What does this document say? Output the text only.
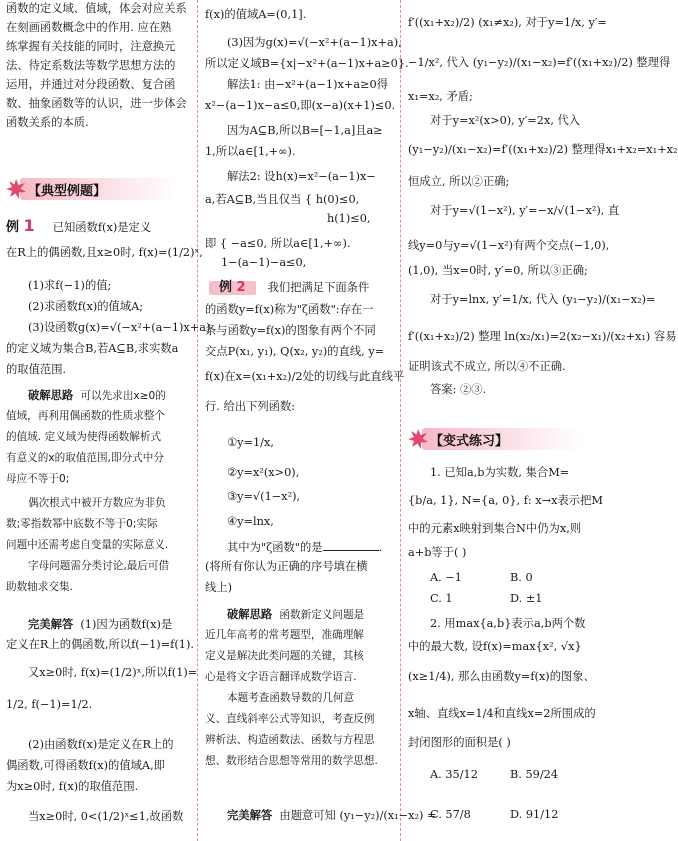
函数的定义域、值域，体会对应关系
在刻画函数概念中的作用. 应在熟
练掌握有关技能的同时，注意换元
法、待定系数法等数学思想方法的
运用，并通过对分段函数、复合函
数、抽象函数等的认识，进一步体会
函数关系的本质.
【典型例题】
例 1 已知函数f(x)是定义
在R上的偶函数,且x≥0时, f(x)=(1/2)ˣ,
(1)求f(−1)的值;
(2)求函数f(x)的值域A;
(3)设函数g(x)=√(−x²+(a−1)x+a)
的定义域为集合B,若A⊆B,求实数a
的取值范围.
破解思路 可以先求出x≥0的
值域，再利用偶函数的性质求整个
的值域. 定义域为使得函数解析式
有意义的x的取值范围,即分式中分
母应不等于0;
偶次根式中被开方数应为非负
数;零指数幂中底数不等于0;实际
问题中还需考虑自变量的实际意义.
字母问题需分类讨论,最后可借
助数轴求交集.
完美解答 (1)因为函数f(x)是
定义在R上的偶函数,所以f(−1)=f(1).
又x≥0时, f(x)=(1/2)ˣ,所以f(1)=
1/2, f(−1)=1/2.
(2)由函数f(x)是定义在R上的
偶函数,可得函数f(x)的值域A,即
为x≥0时, f(x)的取值范围.
当x≥0时, 0<(1/2)ˣ≤1,故函数
f(x)的值域A=(0,1].
(3)因为g(x)=√(−x²+(a−1)x+a),
所以定义域B={x|−x²+(a−1)x+a≥0}.
解法1: 由−x²+(a−1)x+a≥0得
x²−(a−1)x−a≤0,即(x−a)(x+1)≤0.
因为A⊆B,所以B=[−1,a]且a≥
1,所以a∈[1,+∞).
解法2: 设h(x)=x²−(a−1)x−
a,若A⊆B,当且仅当 { h(0)≤0,
h(1)≤0,
即 { −a≤0, 所以a∈[1,+∞).
1−(a−1)−a≤0,
例 2 我们把满足下面条件
的函数y=f(x)称为"ζ函数":存在一
条与函数y=f(x)的图象有两个不同
交点P(x₁, y₁), Q(x₂, y₂)的直线, y=
f(x)在x=(x₁+x₂)/2处的切线与此直线平
行. 给出下列函数:
①y=1/x,
②y=x²(x>0),
③y=√(1−x²),
④y=lnx,
其中为"ζ函数"的是	.
(将所有你认为正确的序号填在横
线上)
破解思路 函数新定义问题是
近几年高考的常考题型，准确理解
定义是解决此类问题的关键，其核
心是将文字语言翻译成数学语言.
本题考查函数导数的几何意
义、直线斜率公式等知识，考查反例
辨析法、构造函数法、函数与方程思
想、数形结合思想等常用的数学思想.
完美解答 由题意可知 (y₁−y₂)/(x₁−x₂) =
f′((x₁+x₂)/2) (x₁≠x₂), 对于y=1/x, y′=
−1/x², 代入 (y₁−y₂)/(x₁−x₂)=f′((x₁+x₂)/2) 整理得
x₁=x₂, 矛盾;
对于y=x²(x>0), y′=2x, 代入
(y₁−y₂)/(x₁−x₂)=f′((x₁+x₂)/2) 整理得x₁+x₂=x₁+x₂
恒成立, 所以②正确;
对于y=√(1−x²), y′=−x/√(1−x²), 直
线y=0与y=√(1−x²)有两个交点(−1,0),
(1,0), 当x=0时, y′=0, 所以③正确;
对于y=lnx, y′=1/x, 代入 (y₁−y₂)/(x₁−x₂)=
f′((x₁+x₂)/2) 整理 ln(x₂/x₁)=2(x₂−x₁)/(x₂+x₁) 容易
证明该式不成立, 所以④不正确.
答案: ②③.
【变式练习】
1. 已知a,b为实数, 集合M=
{b/a, 1}, N={a, 0}, f: x→x表示把M
中的元素x映射到集合N中仍为x,则
a+b等于( )
A. −1	B. 0
C. 1	D. ±1
2. 用max{a,b}表示a,b两个数
中的最大数, 设f(x)=max{x², √x}
(x≥1/4), 那么由函数y=f(x)的图象、
x轴、直线x=1/4和直线x=2所围成的
封闭图形的面积是( )
A. 35/12	B. 59/24
C. 57/8	D. 91/12
